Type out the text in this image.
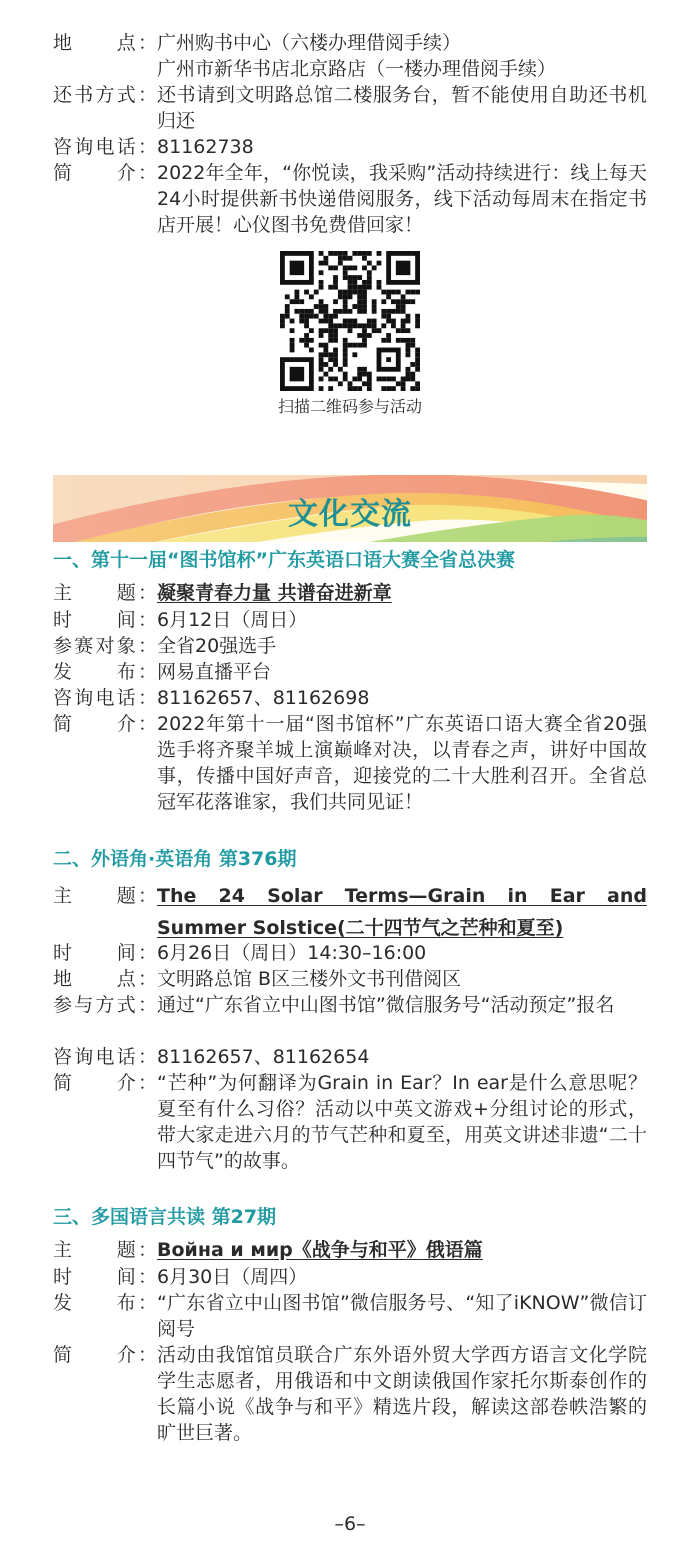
地　　点： 广州购书中心（六楼办理借阅手续）
广州市新华书店北京路店（一楼办理借阅手续）
还书方式： 还书请到文明路总馆二楼服务台，暂不能使用自助还书机归还
咨询电话： 81162738
简　　介： 2022年全年，“你悦读，我采购”活动持续进行：线上每天24小时提供新书快递借阅服务，线下活动每周末在指定书店开展！心仪图书免费借回家！
扫描二维码参与活动
文化交流
一、第十一届“图书馆杯”广东英语口语大赛全省总决赛
主　　题： 凝聚青春力量 共谱奋进新章
时　　间： 6月12日（周日）
参赛对象： 全省20强选手
发　　布： 网易直播平台
咨询电话： 81162657、81162698
简　　介： 2022年第十一届“图书馆杯”广东英语口语大赛全省20强选手将齐聚羊城上演巅峰对决，以青春之声，讲好中国故事，传播中国好声音，迎接党的二十大胜利召开。全省总冠军花落谁家，我们共同见证！
二、外语角·英语角 第376期
主　　题： The 24 Solar Terms—Grain in Ear and Summer Solstice(二十四节气之芒种和夏至)
时　　间： 6月26日（周日）14:30–16:00
地　　点： 文明路总馆 B区三楼外文书刊借阅区
参与方式： 通过“广东省立中山图书馆”微信服务号“活动预定”报名
咨询电话： 81162657、81162654
简　　介： “芒种”为何翻译为Grain in Ear？In ear是什么意思呢？夏至有什么习俗？活动以中英文游戏+分组讨论的形式，带大家走进六月的节气芒种和夏至，用英文讲述非遗“二十四节气”的故事。
三、多国语言共读 第27期
主　　题： Война и мир《战争与和平》俄语篇
时　　间： 6月30日（周四）
发　　布： “广东省立中山图书馆”微信服务号、“知了iKNOW”微信订阅号
简　　介： 活动由我馆馆员联合广东外语外贸大学西方语言文化学院学生志愿者，用俄语和中文朗读俄国作家托尔斯泰创作的长篇小说《战争与和平》精选片段，解读这部卷帙浩繁的旷世巨著。
–6–
